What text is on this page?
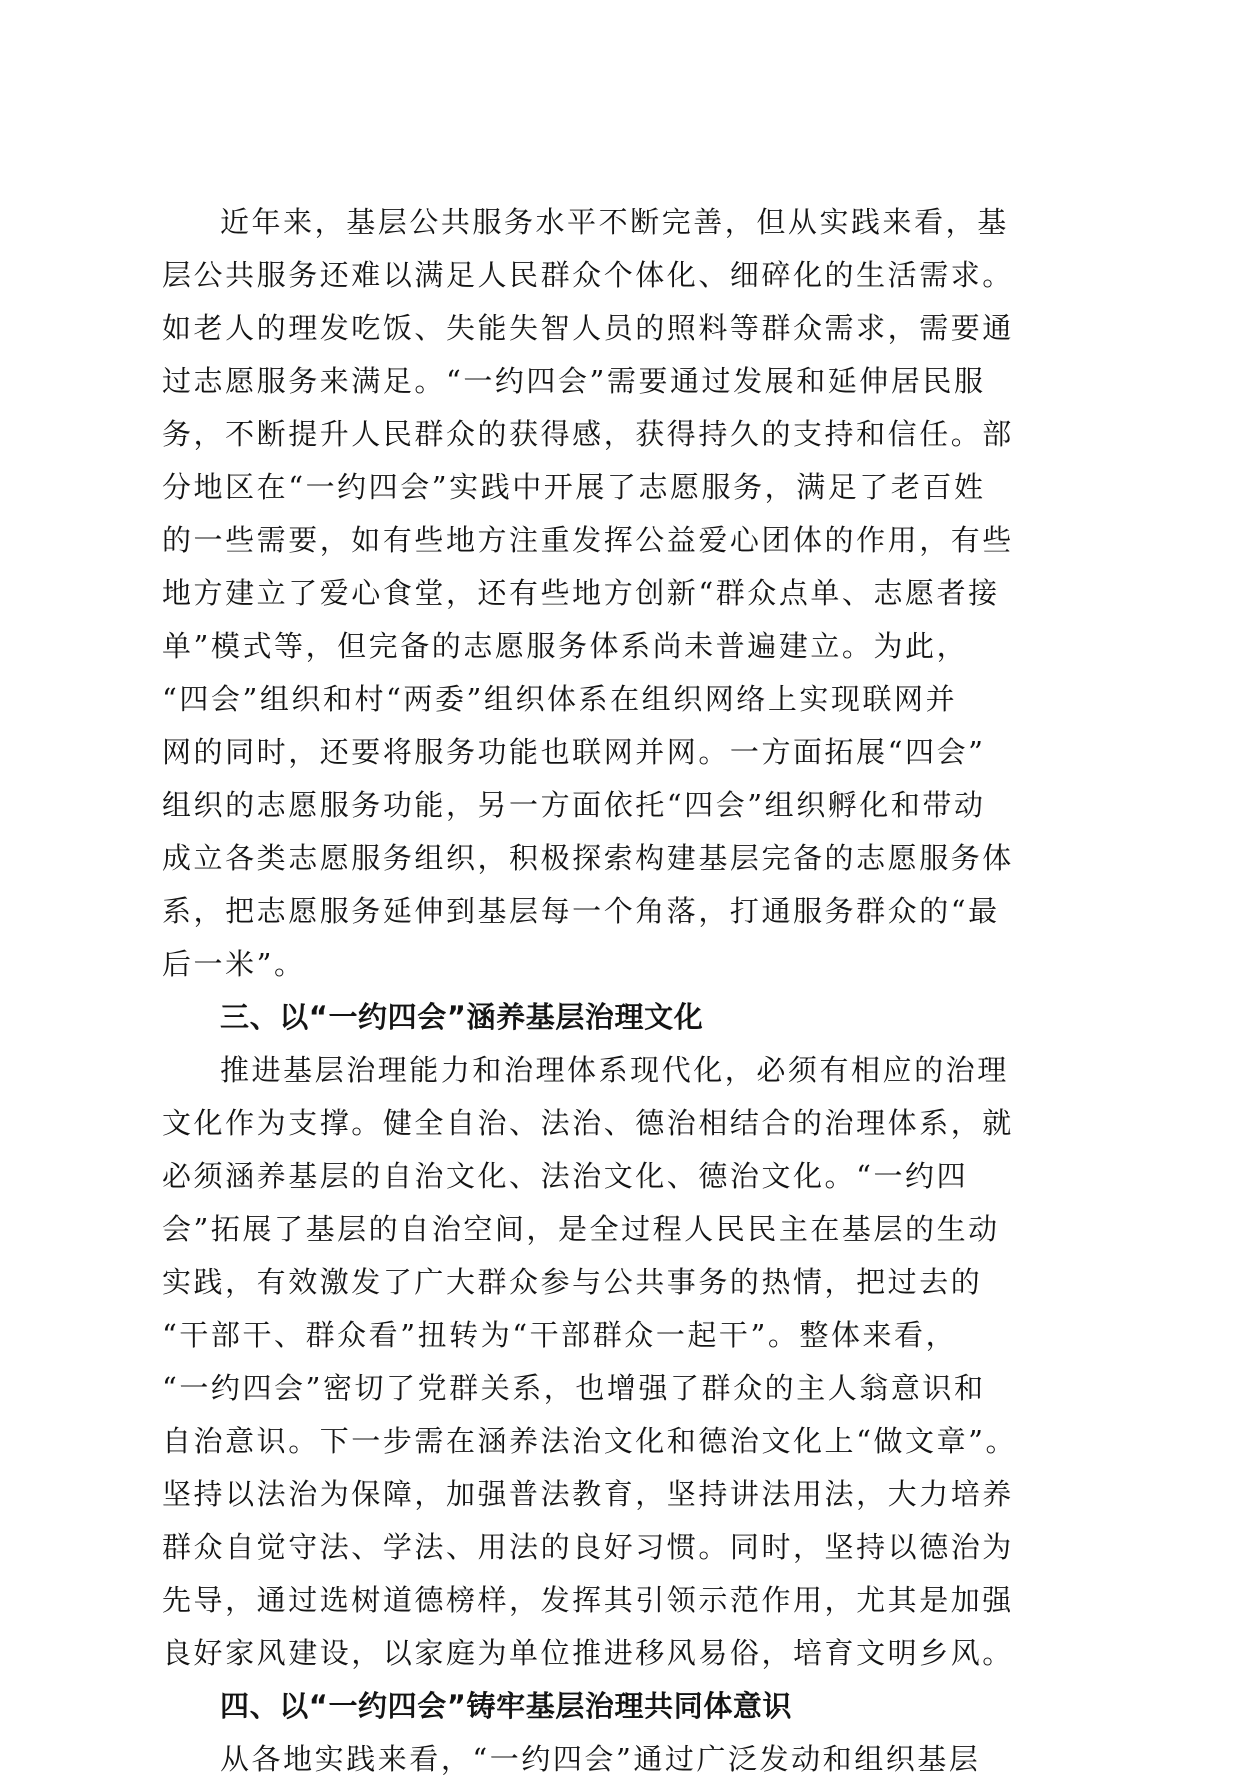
近年来，基层公共服务水平不断完善，但从实践来看，基

层公共服务还难以满足人民群众个体化、细碎化的生活需求。

如老人的理发吃饭、失能失智人员的照料等群众需求，需要通

过志愿服务来满足。“一约四会”需要通过发展和延伸居民服

务，不断提升人民群众的获得感，获得持久的支持和信任。部

分地区在“一约四会”实践中开展了志愿服务，满足了老百姓

的一些需要，如有些地方注重发挥公益爱心团体的作用，有些

地方建立了爱心食堂，还有些地方创新“群众点单、志愿者接

单”模式等，但完备的志愿服务体系尚未普遍建立。为此，

“四会”组织和村“两委”组织体系在组织网络上实现联网并

网的同时，还要将服务功能也联网并网。一方面拓展“四会”

组织的志愿服务功能，另一方面依托“四会”组织孵化和带动

成立各类志愿服务组织，积极探索构建基层完备的志愿服务体

系，把志愿服务延伸到基层每一个角落，打通服务群众的“最

后一米”。

三、以“一约四会”涵养基层治理文化

推进基层治理能力和治理体系现代化，必须有相应的治理

文化作为支撑。健全自治、法治、德治相结合的治理体系，就

必须涵养基层的自治文化、法治文化、德治文化。“一约四

会”拓展了基层的自治空间，是全过程人民民主在基层的生动

实践，有效激发了广大群众参与公共事务的热情，把过去的

“干部干、群众看”扭转为“干部群众一起干”。整体来看，

“一约四会”密切了党群关系，也增强了群众的主人翁意识和

自治意识。下一步需在涵养法治文化和德治文化上“做文章”。

坚持以法治为保障，加强普法教育，坚持讲法用法，大力培养

群众自觉守法、学法、用法的良好习惯。同时，坚持以德治为

先导，通过选树道德榜样，发挥其引领示范作用，尤其是加强

良好家风建设，以家庭为单位推进移风易俗，培育文明乡风。

四、以“一约四会”铸牢基层治理共同体意识

从各地实践来看，“一约四会”通过广泛发动和组织基层
